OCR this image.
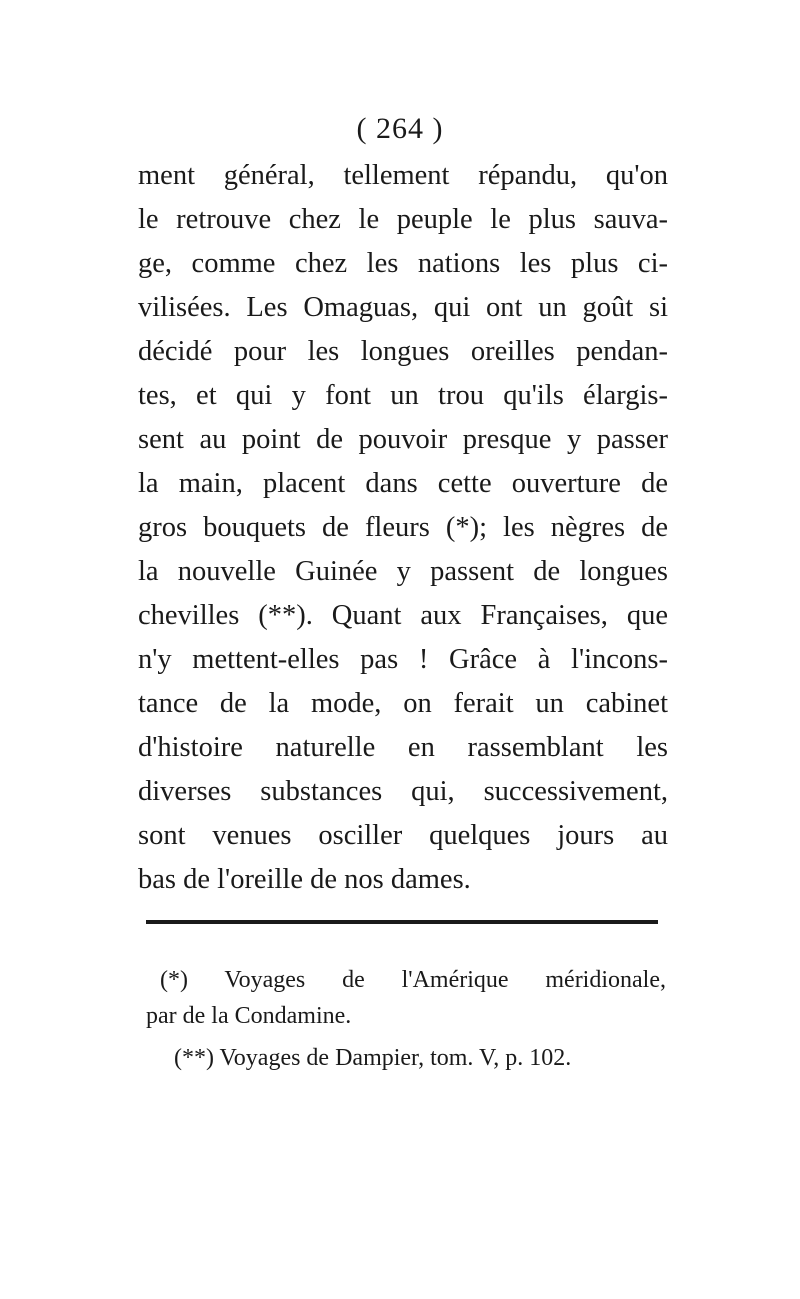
( 264 )
ment général, tellement répandu, qu'on
le retrouve chez le peuple le plus sauva-
ge, comme chez les nations les plus ci-
vilisées. Les Omaguas, qui ont un goût si
décidé pour les longues oreilles pendan-
tes, et qui y font un trou qu'ils élargis-
sent au point de pouvoir presque y passer
la main, placent dans cette ouverture de
gros bouquets de fleurs (*); les nègres de
la nouvelle Guinée y passent de longues
chevilles (**). Quant aux Françaises, que
n'y mettent-elles pas ! Grâce à l'incons-
tance de la mode, on ferait un cabinet
d'histoire naturelle en rassemblant les
diverses substances qui, successivement,
sont venues osciller quelques jours au
bas de l'oreille de nos dames.
(*) Voyages de l'Amérique méridionale,
par de la Condamine.
(**) Voyages de Dampier, tom. V, p. 102.
